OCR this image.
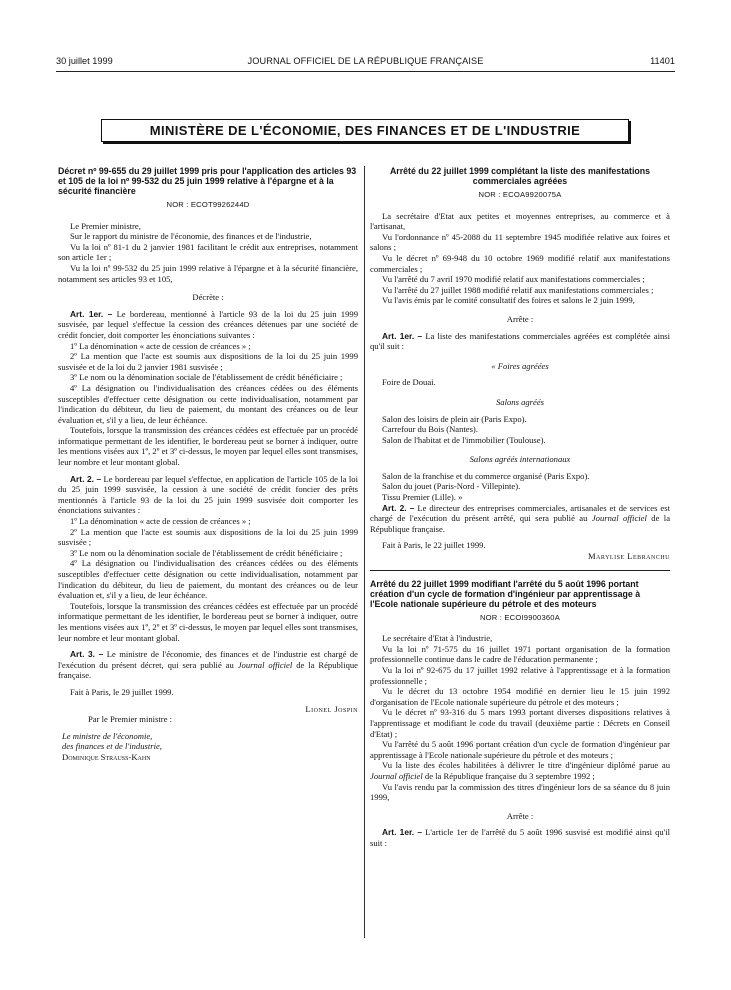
30 juillet 1999	JOURNAL OFFICIEL DE LA RÉPUBLIQUE FRANÇAISE	11401
MINISTÈRE DE L'ÉCONOMIE, DES FINANCES ET DE L'INDUSTRIE

Décret nº 99-655 du 29 juillet 1999 pris pour l'application des articles 93 et 105 de la loi nº 99-532 du 25 juin 1999 relative à l'épargne et à la sécurité financière

NOR : ECOT9926244D

Le Premier ministre,

Sur le rapport du ministre de l'économie, des finances et de l'industrie,

Vu la loi nº 81-1 du 2 janvier 1981 facilitant le crédit aux entreprises, notamment son article 1er ;

Vu la loi nº 99-532 du 25 juin 1999 relative à l'épargne et à la sécurité financière, notamment ses articles 93 et 105,

Décrète :

Art. 1er. – Le bordereau, mentionné à l'article 93 de la loi du 25 juin 1999 susvisée, par lequel s'effectue la cession des créances détenues par une société de crédit foncier, doit comporter les énonciations suivantes :

1º La dénomination « acte de cession de créances » ;

2º La mention que l'acte est soumis aux dispositions de la loi du 25 juin 1999 susvisée et de la loi du 2 janvier 1981 susvisée ;

3º Le nom ou la dénomination sociale de l'établissement de crédit bénéficiaire ;

4º La désignation ou l'individualisation des créances cédées ou des éléments susceptibles d'effectuer cette désignation ou cette individualisation, notamment par l'indication du débiteur, du lieu de paiement, du montant des créances ou de leur évaluation et, s'il y a lieu, de leur échéance.

Toutefois, lorsque la transmission des créances cédées est effectuée par un procédé informatique permettant de les identifier, le bordereau peut se borner à indiquer, outre les mentions visées aux 1º, 2º et 3º ci-dessus, le moyen par lequel elles sont transmises, leur nombre et leur montant global.

Art. 2. – Le bordereau par lequel s'effectue, en application de l'article 105 de la loi du 25 juin 1999 susvisée, la cession à une société de crédit foncier des prêts mentionnés à l'article 93 de la loi du 25 juin 1999 susvisée doit comporter les énonciations suivantes :

1º La dénomination « acte de cession de créances » ;

2º La mention que l'acte est soumis aux dispositions de la loi du 25 juin 1999 susvisée ;

3º Le nom ou la dénomination sociale de l'établissement de crédit bénéficiaire ;

4º La désignation ou l'individualisation des créances cédées ou des éléments susceptibles d'effectuer cette désignation ou cette individualisation, notamment par l'indication du débiteur, du lieu de paiement, du montant des créances ou de leur évaluation et, s'il y a lieu, de leur échéance.

Toutefois, lorsque la transmission des créances cédées est effectuée par un procédé informatique permettant de les identifier, le bordereau peut se borner à indiquer, outre les mentions visées aux 1º, 2º et 3º ci-dessus, le moyen par lequel elles sont transmises, leur nombre et leur montant global.

Art. 3. – Le ministre de l'économie, des finances et de l'industrie est chargé de l'exécution du présent décret, qui sera publié au Journal officiel de la République française.

Fait à Paris, le 29 juillet 1999.

Lionel Jospin

Par le Premier ministre :

Le ministre de l'économie,

des finances et de l'industrie,

Dominique Strauss-Kahn

Arrêté du 22 juillet 1999 complétant la liste des manifestations commerciales agréées

NOR : ECOA9920075A

La secrétaire d'Etat aux petites et moyennes entreprises, au commerce et à l'artisanat,

Vu l'ordonnance nº 45-2088 du 11 septembre 1945 modifiée relative aux foires et salons ;

Vu le décret nº 69-948 du 10 octobre 1969 modifié relatif aux manifestations commerciales ;

Vu l'arrêté du 7 avril 1970 modifié relatif aux manifestations commerciales ;

Vu l'arrêté du 27 juillet 1988 modifié relatif aux manifestations commerciales ;

Vu l'avis émis par le comité consultatif des foires et salons le 2 juin 1999,

Arrête :

Art. 1er. – La liste des manifestations commerciales agréées est complétée ainsi qu'il suit :

« Foires agréées

Foire de Douai.

Salons agréés

Salon des loisirs de plein air (Paris Expo).

Carrefour du Bois (Nantes).

Salon de l'habitat et de l'immobilier (Toulouse).

Salons agréés internationaux

Salon de la franchise et du commerce organisé (Paris Expo).

Salon du jouet (Paris-Nord - Villepinte).

Tissu Premier (Lille). »

Art. 2. – Le directeur des entreprises commerciales, artisanales et de services est chargé de l'exécution du présent arrêté, qui sera publié au Journal officiel de la République française.

Fait à Paris, le 22 juillet 1999.

Marylise Lebranchu

Arrêté du 22 juillet 1999 modifiant l'arrêté du 5 août 1996 portant création d'un cycle de formation d'ingénieur par apprentissage à l'Ecole nationale supérieure du pétrole et des moteurs

NOR : ECOI9900360A

Le secrétaire d'Etat à l'industrie,

Vu la loi nº 71-575 du 16 juillet 1971 portant organisation de la formation professionnelle continue dans le cadre de l'éducation permanente ;

Vu la loi nº 92-675 du 17 juillet 1992 relative à l'apprentissage et à la formation professionnelle ;

Vu le décret du 13 octobre 1954 modifié en dernier lieu le 15 juin 1992 d'organisation de l'Ecole nationale supérieure du pétrole et des moteurs ;

Vu le décret nº 93-316 du 5 mars 1993 portant diverses dispositions relatives à l'apprentissage et modifiant le code du travail (deuxième partie : Décrets en Conseil d'Etat) ;

Vu l'arrêté du 5 août 1996 portant création d'un cycle de formation d'ingénieur par apprentissage à l'Ecole nationale supérieure du pétrole et des moteurs ;

Vu la liste des écoles habilitées à délivrer le titre d'ingénieur diplômé parue au Journal officiel de la République française du 3 septembre 1992 ;

Vu l'avis rendu par la commission des titres d'ingénieur lors de sa séance du 8 juin 1999,

Arrête :

Art. 1er. – L'article 1er de l'arrêté du 5 août 1996 susvisé est modifié ainsi qu'il suit :
